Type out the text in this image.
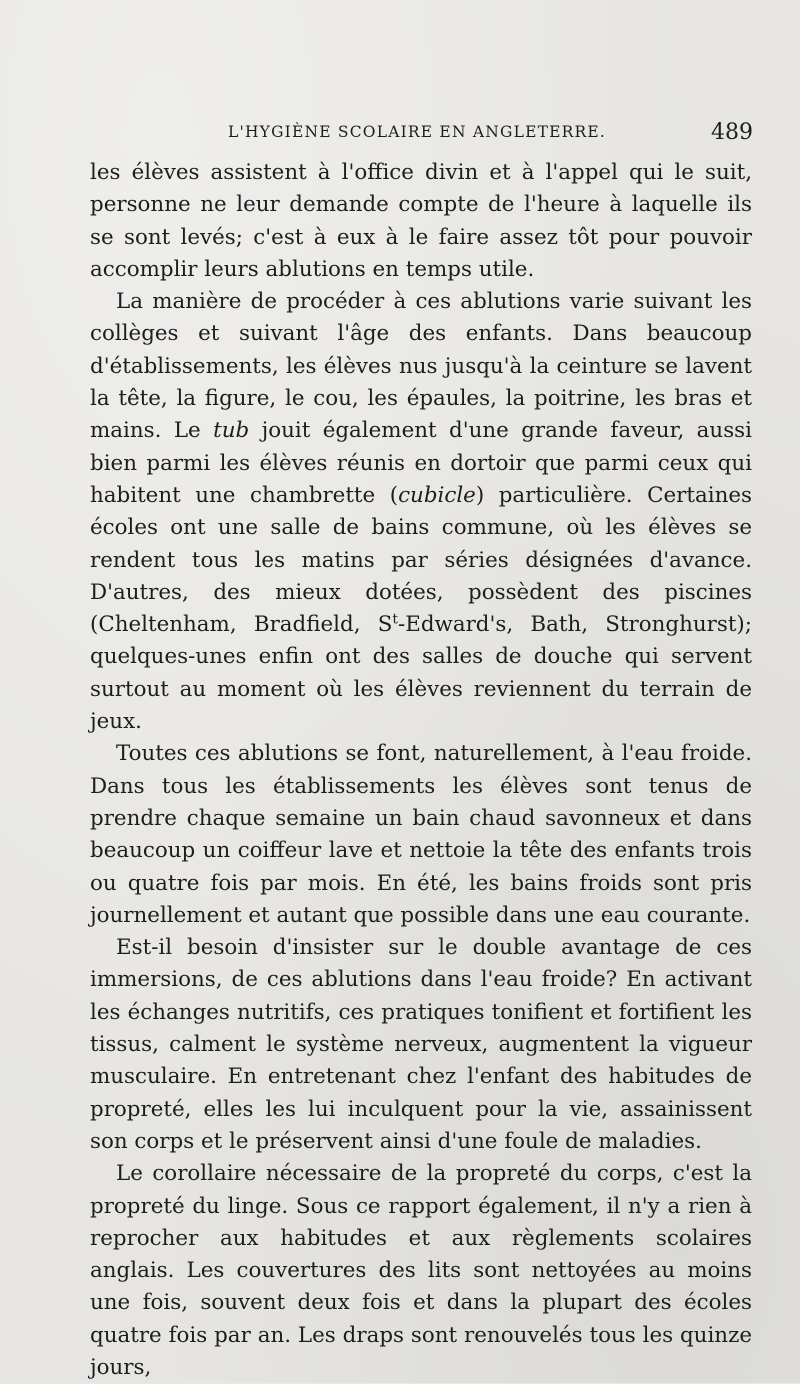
L'HYGIÈNE SCOLAIRE EN ANGLETERRE.	489

les élèves assistent à l'office divin et à l'appel qui le suit, personne ne leur demande compte de l'heure à laquelle ils se sont levés; c'est à eux à le faire assez tôt pour pouvoir accomplir leurs ablutions en temps utile.

La manière de procéder à ces ablutions varie suivant les collèges et suivant l'âge des enfants. Dans beaucoup d'établissements, les élèves nus jusqu'à la ceinture se lavent la tête, la figure, le cou, les épaules, la poitrine, les bras et mains. Le tub jouit également d'une grande faveur, aussi bien parmi les élèves réunis en dortoir que parmi ceux qui habitent une chambrette (cubicle) particulière. Certaines écoles ont une salle de bains commune, où les élèves se rendent tous les matins par séries désignées d'avance. D'autres, des mieux dotées, possèdent des piscines (Cheltenham, Bradfield, $S^t-Edward's$, Bath, Stronghurst); quelques-unes enfin ont des salles de douche qui servent surtout au moment où les élèves reviennent du terrain de jeux.

Toutes ces ablutions se font, naturellement, à l'eau froide. Dans tous les établissements les élèves sont tenus de prendre chaque semaine un bain chaud savonneux et dans beaucoup un coiffeur lave et nettoie la tête des enfants trois ou quatre fois par mois. En été, les bains froids sont pris journellement et autant que possible dans une eau courante.

Est-il besoin d'insister sur le double avantage de ces immersions, de ces ablutions dans l'eau froide? En activant les échanges nutritifs, ces pratiques tonifient et fortifient les tissus, calment le système nerveux, augmentent la vigueur musculaire. En entretenant chez l'enfant des habitudes de propreté, elles les lui inculquent pour la vie, assainissent son corps et le préservent ainsi d'une foule de maladies.

Le corollaire nécessaire de la propreté du corps, c'est la propreté du linge. Sous ce rapport également, il n'y a rien à reprocher aux habitudes et aux règlements scolaires anglais. Les couvertures des lits sont nettoyées au moins une fois, souvent deux fois et dans la plupart des écoles quatre fois par an. Les draps sont renouvelés tous les quinze jours,
